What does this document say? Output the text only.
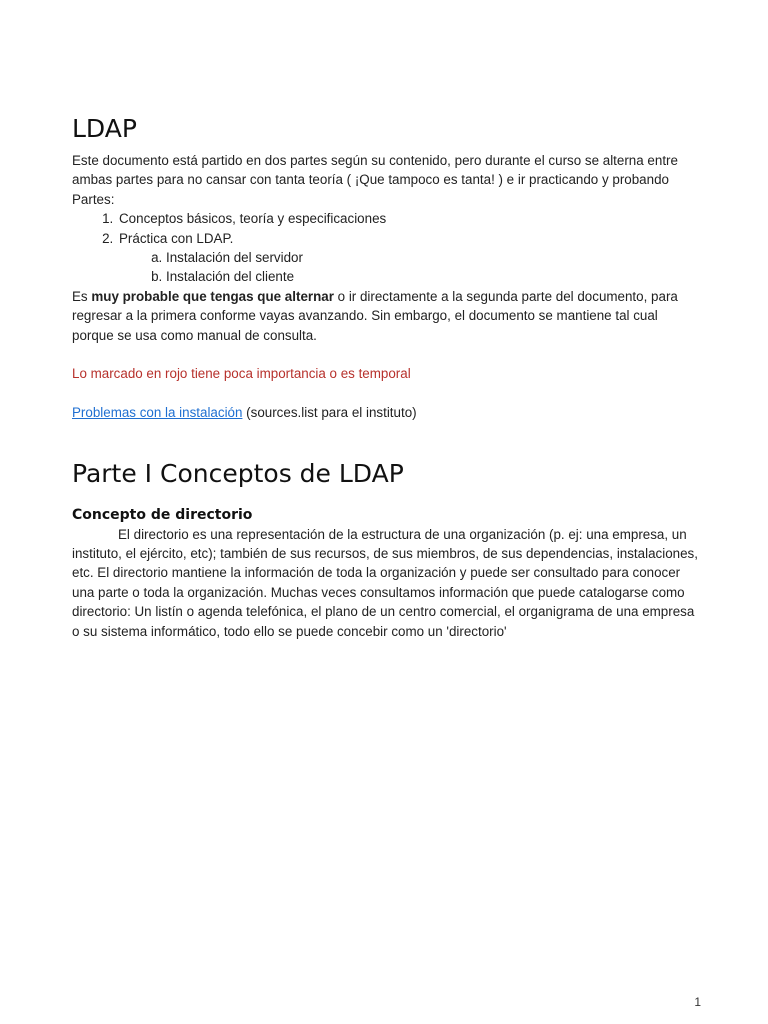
LDAP

Este documento está partido en dos partes según su contenido, pero durante el curso se alterna entre ambas partes para no cansar con tanta teoría ( ¡Que tampoco es tanta! ) e ir practicando y probando

Partes:

1. Conceptos básicos, teoría y especificaciones
2. Práctica con LDAP.
a. Instalación del servidor
b. Instalación del cliente

Es muy probable que tengas que alternar o ir directamente a la segunda parte del documento, para regresar a la primera conforme vayas avanzando. Sin embargo, el documento se mantiene tal cual porque se usa como manual de consulta.

Lo marcado en rojo tiene poca importancia o es temporal

Problemas con la instalación (sources.list para el instituto)

Parte I Conceptos de LDAP
Concepto de directorio

El directorio es una representación de la estructura de una organización (p. ej: una empresa, un instituto, el ejército, etc); también de sus recursos, de sus miembros, de sus dependencias, instalaciones, etc. El directorio mantiene la información de toda la organización y puede ser consultado para conocer una parte o toda la organización. Muchas veces consultamos información que puede catalogarse como directorio: Un listín o agenda telefónica, el plano de un centro comercial, el organigrama de una empresa o su sistema informático, todo ello se puede concebir como un 'directorio'

1
